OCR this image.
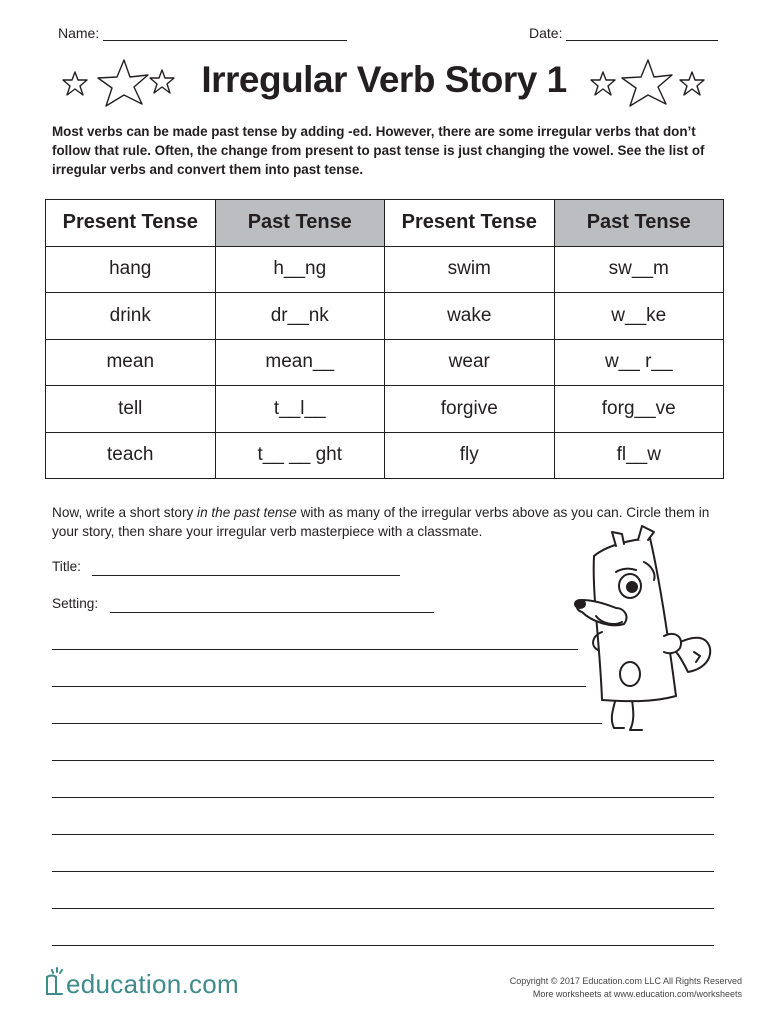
Name:	Date:
Irregular Verb Story 1
Most verbs can be made past tense by adding -ed. However, there are some irregular verbs that don’t follow that rule. Often, the change from present to past tense is just changing the vowel. See the list of irregular verbs and convert them into past tense.
Present Tense	Past Tense	Present Tense	Past Tense
hang	h__ng	swim	sw__m
drink	dr__nk	wake	w__ke
mean	mean__	wear	w__ r__
tell	t__l__	forgive	forg__ve
teach	t__ __ ght	fly	fl__w
Now, write a short story in the past tense with as many of the irregular verbs above as you can. Circle them in your story, then share your irregular verb masterpiece with a classmate.
Title:
Setting:
education.com	Copyright © 2017 Education.com LLC All Rights Reserved
More worksheets at www.education.com/worksheets
